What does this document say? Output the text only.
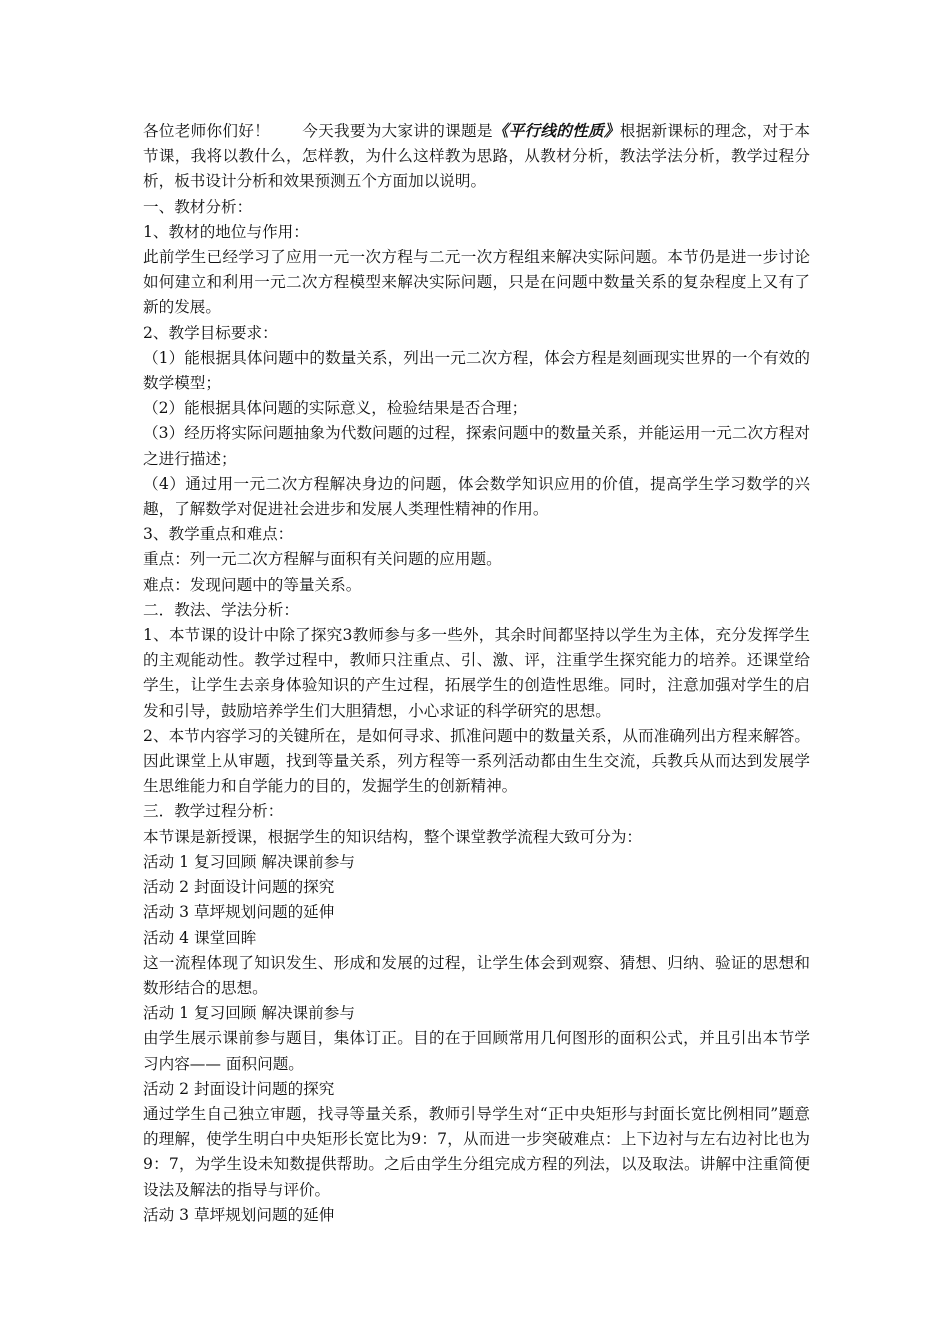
各位老师你们好！ 今天我要为大家讲的课题是《平行线的性质》根据新课标的理念，对于本节课，我将以教什么，怎样教，为什么这样教为思路，从教材分析，教法学法分析，教学过程分析，板书设计分析和效果预测五个方面加以说明。

一、教材分析：

1、教材的地位与作用：

此前学生已经学习了应用一元一次方程与二元一次方程组来解决实际问题。本节仍是进一步讨论如何建立和利用一元二次方程模型来解决实际问题，只是在问题中数量关系的复杂程度上又有了新的发展。

2、教学目标要求：

（1）能根据具体问题中的数量关系，列出一元二次方程，体会方程是刻画现实世界的一个有效的数学模型；

（2）能根据具体问题的实际意义，检验结果是否合理；

（3）经历将实际问题抽象为代数问题的过程，探索问题中的数量关系，并能运用一元二次方程对之进行描述；

（4）通过用一元二次方程解决身边的问题，体会数学知识应用的价值，提高学生学习数学的兴趣，了解数学对促进社会进步和发展人类理性精神的作用。

3、教学重点和难点：

重点：列一元二次方程解与面积有关问题的应用题。

难点：发现问题中的等量关系。

二．教法、学法分析：

1、本节课的设计中除了探究3教师参与多一些外，其余时间都坚持以学生为主体，充分发挥学生的主观能动性。教学过程中，教师只注重点、引、激、评，注重学生探究能力的培养。还课堂给学生，让学生去亲身体验知识的产生过程，拓展学生的创造性思维。同时，注意加强对学生的启发和引导，鼓励培养学生们大胆猜想，小心求证的科学研究的思想。

2、本节内容学习的关键所在，是如何寻求、抓准问题中的数量关系，从而准确列出方程来解答。因此课堂上从审题，找到等量关系，列方程等一系列活动都由生生交流，兵教兵从而达到发展学生思维能力和自学能力的目的，发掘学生的创新精神。

三．教学过程分析：

本节课是新授课，根据学生的知识结构，整个课堂教学流程大致可分为：

活动 1 复习回顾 解决课前参与

活动 2 封面设计问题的探究

活动 3 草坪规划问题的延伸

活动 4 课堂回眸

这一流程体现了知识发生、形成和发展的过程，让学生体会到观察、猜想、归纳、验证的思想和数形结合的思想。

活动 1 复习回顾 解决课前参与

由学生展示课前参与题目，集体订正。目的在于回顾常用几何图形的面积公式，并且引出本节学习内容—— 面积问题。

活动 2 封面设计问题的探究

通过学生自己独立审题，找寻等量关系，教师引导学生对“正中央矩形与封面长宽比例相同”题意的理解，使学生明白中央矩形长宽比为9：7，从而进一步突破难点：上下边衬与左右边衬比也为9：7，为学生设未知数提供帮助。之后由学生分组完成方程的列法，以及取法。讲解中注重简便设法及解法的指导与评价。

活动 3 草坪规划问题的延伸
